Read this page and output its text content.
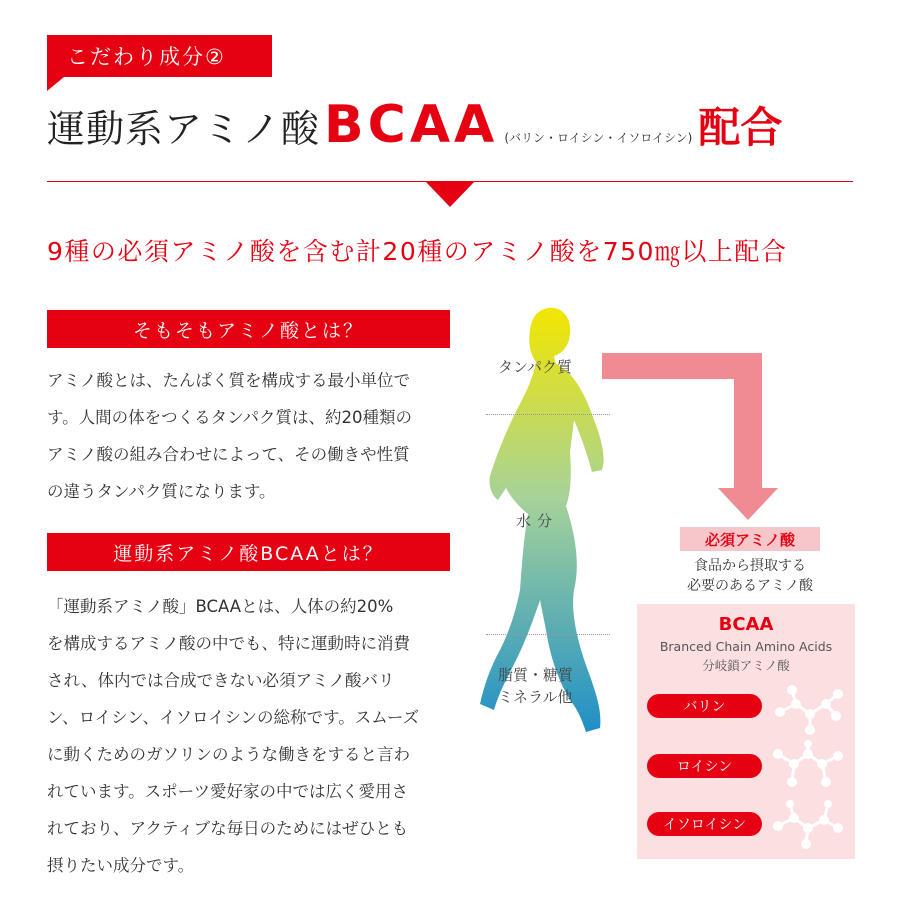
こだわり成分②
運動系アミノ酸 BCAA (バリン・ロイシン・イソロイシン) 配合
9種の必須アミノ酸を含む計20種のアミノ酸を750㎎以上配合
そもそもアミノ酸とは？
アミノ酸とは、たんぱく質を構成する最小単位で
す。人間の体をつくるタンパク質は、約20種類の
アミノ酸の組み合わせによって、その働きや性質
の違うタンパク質になります。
運動系アミノ酸BCAAとは？
「運動系アミノ酸」BCAAとは、人体の約20%
を構成するアミノ酸の中でも、特に運動時に消費
され、体内では合成できない必須アミノ酸バリ
ン、ロイシン、イソロイシンの総称です。スムーズ
に動くためのガソリンのような働きをすると言わ
れています。スポーツ愛好家の中では広く愛用さ
れており、アクティブな毎日のためにはぜひとも
摂りたい成分です。
タンパク質
水分
脂質・糖質
ミネラル他
必須アミノ酸
食品から摂取する
必要のあるアミノ酸
BCAA
Branced Chain Amino Acids
分岐鎖アミノ酸
バリン
ロイシン
イソロイシン
